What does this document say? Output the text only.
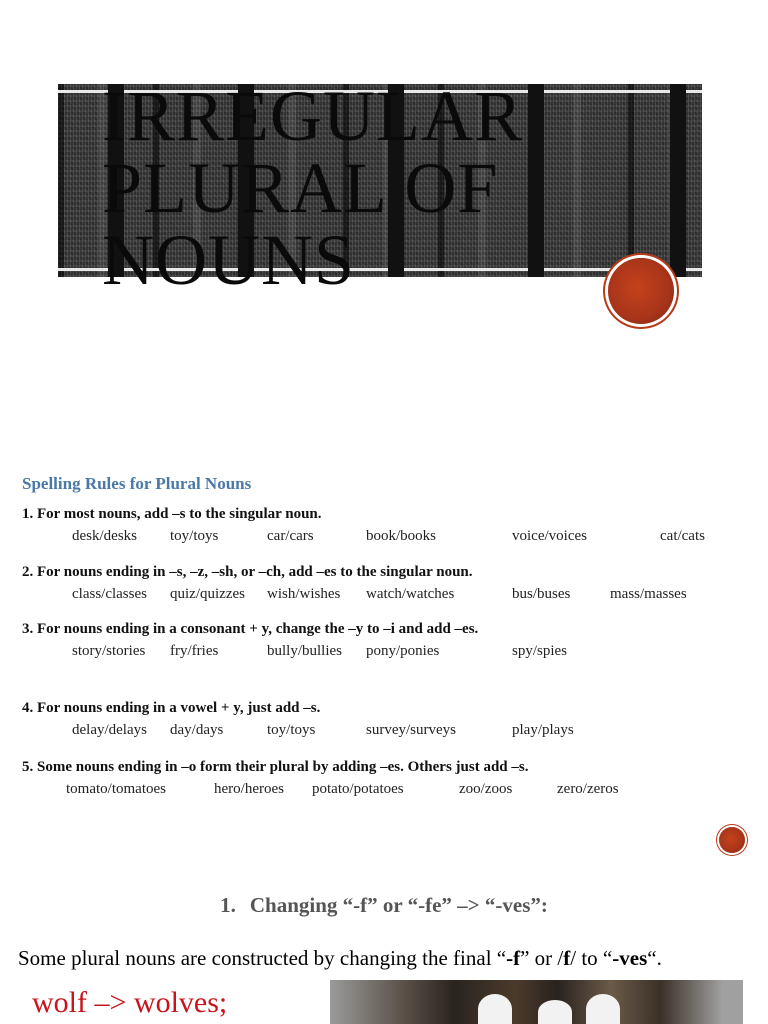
IRREGULAR
PLURAL OF
NOUNS
Spelling Rules for Plural Nouns
1. For most nouns, add –s to the singular noun.
desk/desks toy/toys	car/cars	book/books	voice/voices	cat/cats
2. For nouns ending in –s, –z, –sh, or –ch, add –es to the singular noun.
class/classes quiz/quizzes wish/wishes watch/watches	bus/buses	mass/masses
3. For nouns ending in a consonant + y, change the –y to –i and add –es.
story/stories fry/fries	bully/bullies pony/ponies	spy/spies
4. For nouns ending in a vowel + y, just add –s.
delay/delays day/days	toy/toys	survey/surveys	play/plays
5. Some nouns ending in –o form their plural by adding –es. Others just add –s.
tomato/tomatoes	hero/heroes potato/potatoes	zoo/zoos	zero/zeros
1. Changing “-f” or “-fe” –> “-ves”:
Some plural nouns are constructed by changing the final “-f” or /f/ to “-ves“.
wolf –> wolves;
